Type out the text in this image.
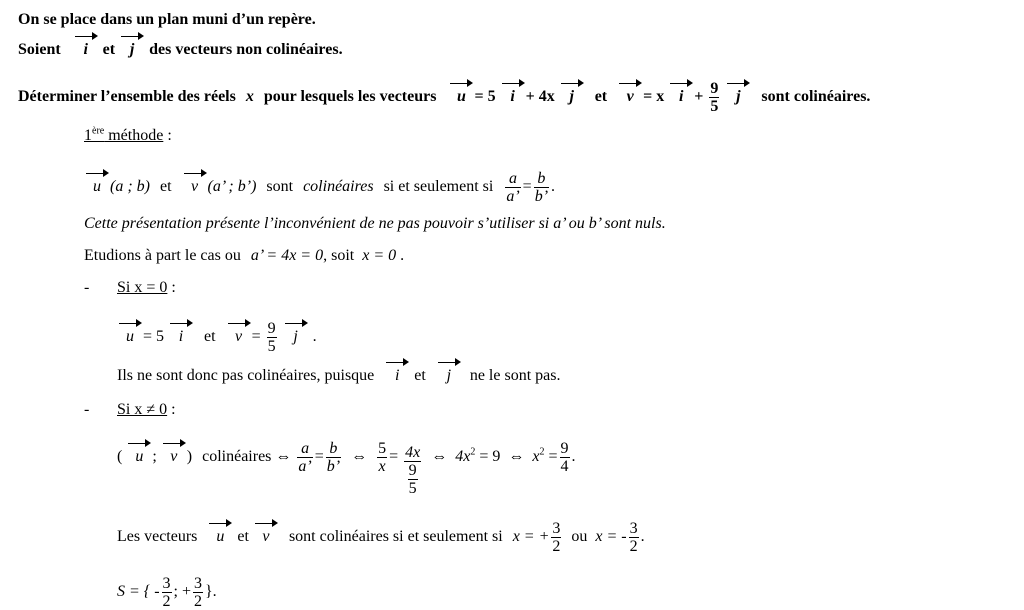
On se place dans un plan muni d’un repère.
Soient i et j des vecteurs non colinéaires.
Déterminer l’ensemble des réels x pour lesquels les vecteurs u = 5 i + 4x j et v = x $i + \frac{9}{5}$ j sont colinéaires.
1ère méthode :
u (a ; b) et v (a’ ; b’) sont colinéaires si et seulement si $\frac{a}{a’} = \frac{b}{b’}$ .
Cette présentation présente l’inconvénient de ne pas pouvoir s’utiliser si a’ ou b’ sont nuls.
Etudions à part le cas ou a’ = 4x = 0, soit x = 0 .
- Si x = 0 :
u = 5 i et $v = \frac{9}{5}$ j .
Ils ne sont donc pas colinéaires, puisque i et j ne le sont pas.
- Si x ≠ 0 :
( u ; v ) colinéaires ⇔ $\frac{a}{a’} = \frac{b}{b’}$ ⇔ $\frac{5}{x} = \frac{4x}{\frac{9}{5}}$ ⇔ $4x^2 = 9$ ⇔ $x^2 = \frac{9}{4}$ .
Les vecteurs u et v sont colinéaires si et seulement si x = + $\frac{3}{2}$ ou x = - $\frac{3}{2}$ .
S = { - $\frac{3}{2}$ ; + $\frac{3}{2}$ }.
